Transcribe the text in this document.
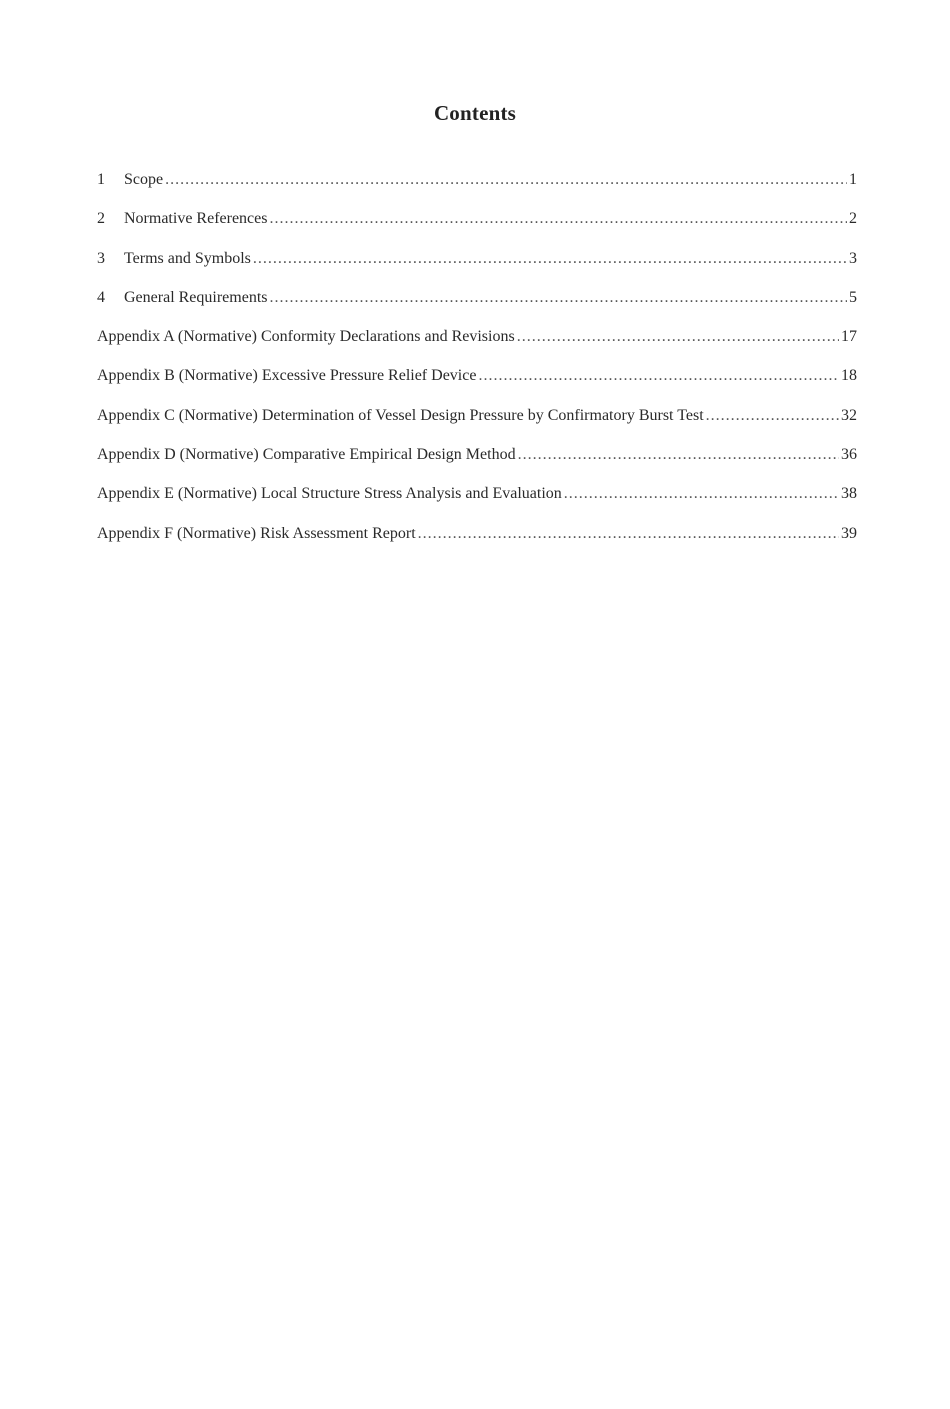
Contents
1	Scope .....	1
2	Normative References .....	2
3	Terms and Symbols .....	3
4	General Requirements .....	5
Appendix A (Normative) Conformity Declarations and Revisions .....	17
Appendix B (Normative) Excessive Pressure Relief Device .....	18
Appendix C (Normative) Determination of Vessel Design Pressure by Confirmatory Burst Test .....	32
Appendix D (Normative) Comparative Empirical Design Method .....	36
Appendix E (Normative) Local Structure Stress Analysis and Evaluation .....	38
Appendix F (Normative) Risk Assessment Report .....	39
